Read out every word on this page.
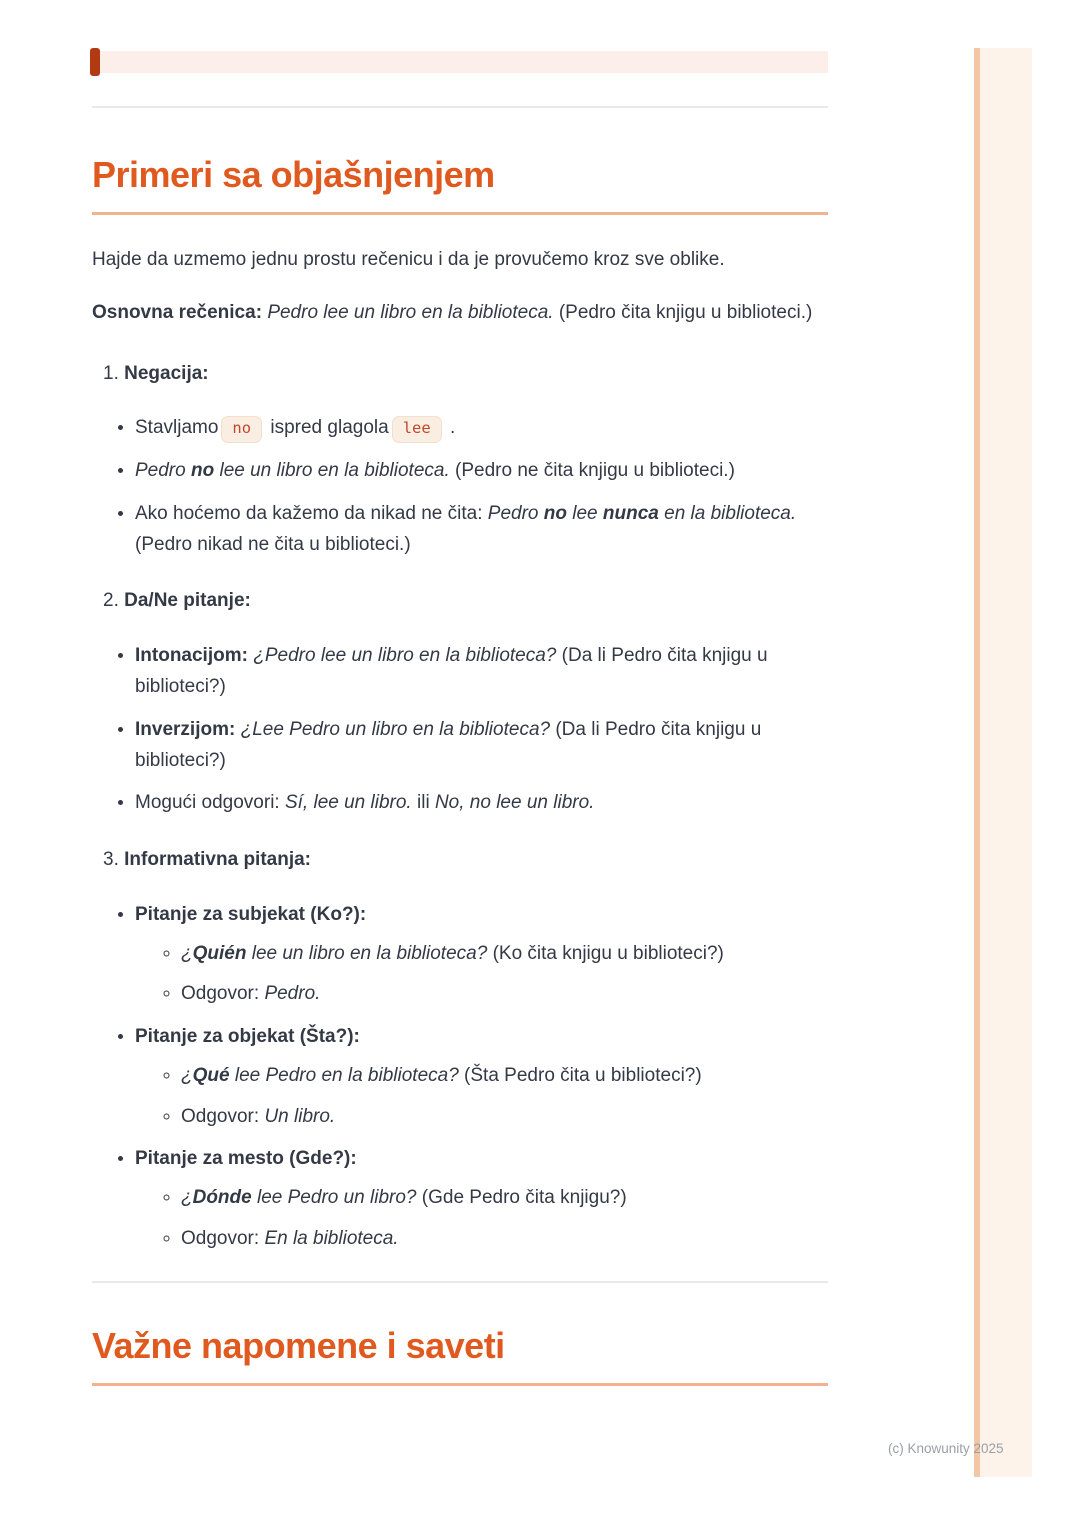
(c) Knowunity 2025
Primeri sa objašnjenjem
Hajde da uzmemo jednu prostu rečenicu i da je provučemo kroz sve oblike.
Osnovna rečenica: Pedro lee un libro en la biblioteca. (Pedro čita knjigu u biblioteci.)
Negacija:
• Stavljamo no ispred glagola lee .
• Pedro no lee un libro en la biblioteca. (Pedro ne čita knjigu u biblioteci.)
• Ako hoćemo da kažemo da nikad ne čita: Pedro no lee nunca en la biblioteca. (Pedro nikad ne čita u biblioteci.)
Da/Ne pitanje:
• Intonacijom: ¿Pedro lee un libro en la biblioteca? (Da li Pedro čita knjigu u biblioteci?)
• Inverzijom: ¿Lee Pedro un libro en la biblioteca? (Da li Pedro čita knjigu u biblioteci?)
• Mogući odgovori: Sí, lee un libro. ili No, no lee un libro.
Informativna pitanja:
• Pitanje za subjekat (Ko?):
◦ ¿Quién lee un libro en la biblioteca? (Ko čita knjigu u biblioteci?)
◦ Odgovor: Pedro.
• Pitanje za objekat (Šta?):
◦ ¿Qué lee Pedro en la biblioteca? (Šta Pedro čita u biblioteci?)
◦ Odgovor: Un libro.
• Pitanje za mesto (Gde?):
◦ ¿Dónde lee Pedro un libro? (Gde Pedro čita knjigu?)
◦ Odgovor: En la biblioteca.
Važne napomene i saveti
